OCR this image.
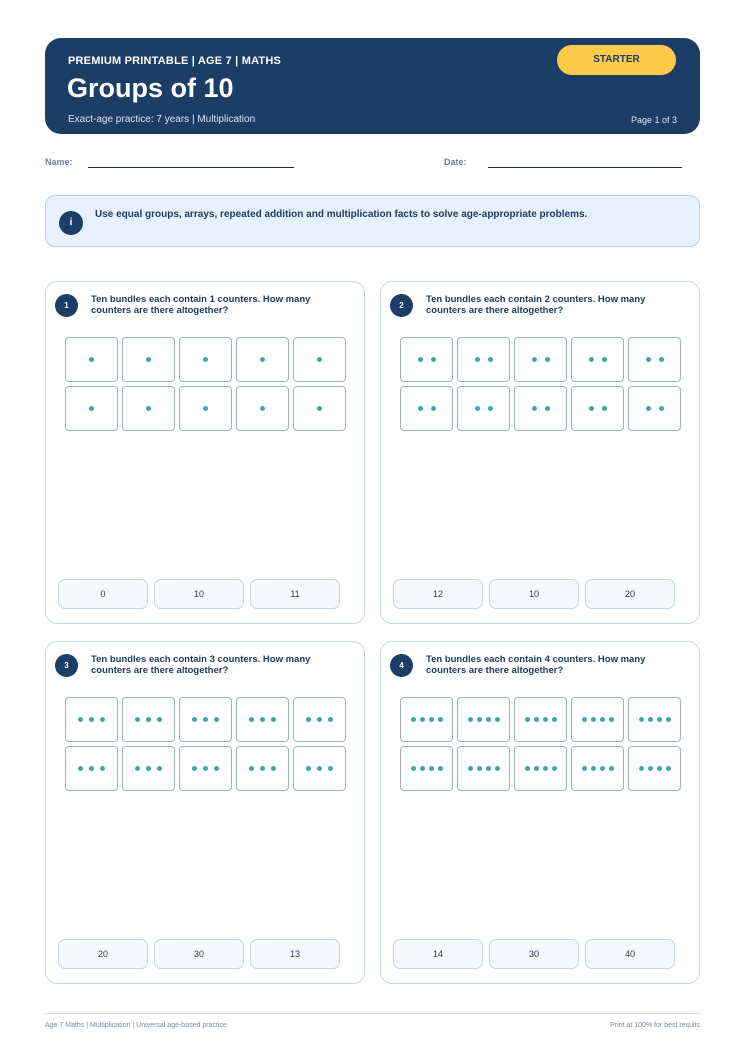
PREMIUM PRINTABLE | AGE 7 | MATHS
Groups of 10
Exact-age practice: 7 years | Multiplication	Page 1 of 3
STARTER
Name:	Date:
i
Use equal groups, arrays, repeated addition and multiplication facts to solve age-appropriate problems.
1
Ten bundles each contain 1 counters. How many counters are there altogether?
0	10	11
2
Ten bundles each contain 2 counters. How many counters are there altogether?
12	10	20
3
Ten bundles each contain 3 counters. How many counters are there altogether?
20	30	13
4
Ten bundles each contain 4 counters. How many counters are there altogether?
14	30	40
Age 7 Maths | Multiplication | Universal age-based practice	Print at 100% for best results
